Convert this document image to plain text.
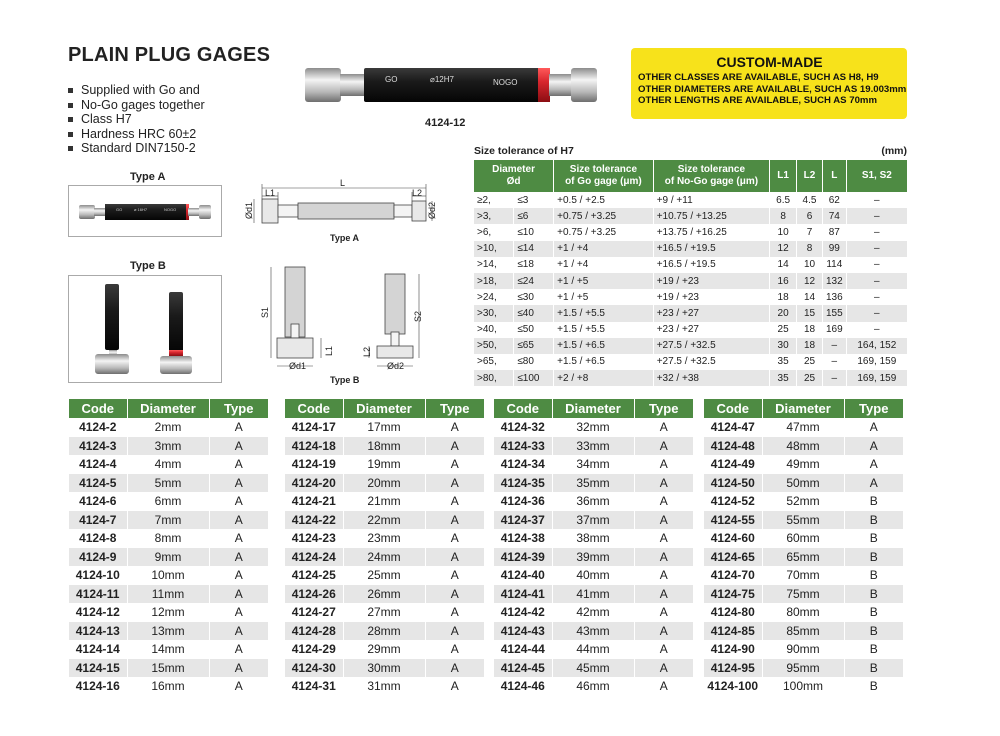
PLAIN PLUG GAGES
Supplied with Go and
No-Go gages together
Class H7
Hardness HRC 60±2
Standard DIN7150-2
GO	⌀12H7	NOGO
4124-12
CUSTOM-MADE
OTHER CLASSES ARE AVAILABLE, SUCH AS H8, H9
OTHER DIAMETERS ARE AVAILABLE, SUCH AS 19.003mm
OTHER LENGTHS ARE AVAILABLE, SUCH AS 70mm
Type A
GO	⌀ 16H7	NOGO
L
L1	L2
Ød1	Ød2
Type A
Type B
S1
L1
Ød1
S2
L2
Ød2
Type B
Size tolerance of H7	(mm)
Diameter
Ød		Size tolerance
of Go gage (μm)	Size tolerance
of No-Go gage (μm)	L1	L2	L	S1, S2
≥2,	≤3	+0.5 / +2.5	+9 / +11	6.5	4.5	62	–
>3,	≤6	+0.75 / +3.25	+10.75 / +13.25	8	6	74	–
>6,	≤10	+0.75 / +3.25	+13.75 / +16.25	10	7	87	–
>10,	≤14	+1 / +4	+16.5 / +19.5	12	8	99	–
>14,	≤18	+1 / +4	+16.5 / +19.5	14	10	114	–
>18,	≤24	+1 / +5	+19 / +23	16	12	132	–
>24,	≤30	+1 / +5	+19 / +23	18	14	136	–
>30,	≤40	+1.5 / +5.5	+23 / +27	20	15	155	–
>40,	≤50	+1.5 / +5.5	+23 / +27	25	18	169	–
>50,	≤65	+1.5 / +6.5	+27.5 / +32.5	30	18	–	164, 152
>65,	≤80	+1.5 / +6.5	+27.5 / +32.5	35	25	–	169, 159
>80,	≤100	+2 / +8	+32 / +38	35	25	–	169, 159
Code	Diameter	Type
4124-2	2mm	A
4124-3	3mm	A
4124-4	4mm	A
4124-5	5mm	A
4124-6	6mm	A
4124-7	7mm	A
4124-8	8mm	A
4124-9	9mm	A
4124-10	10mm	A
4124-11	11mm	A
4124-12	12mm	A
4124-13	13mm	A
4124-14	14mm	A
4124-15	15mm	A
4124-16	16mm	A
Code	Diameter	Type
4124-17	17mm	A
4124-18	18mm	A
4124-19	19mm	A
4124-20	20mm	A
4124-21	21mm	A
4124-22	22mm	A
4124-23	23mm	A
4124-24	24mm	A
4124-25	25mm	A
4124-26	26mm	A
4124-27	27mm	A
4124-28	28mm	A
4124-29	29mm	A
4124-30	30mm	A
4124-31	31mm	A
Code	Diameter	Type
4124-32	32mm	A
4124-33	33mm	A
4124-34	34mm	A
4124-35	35mm	A
4124-36	36mm	A
4124-37	37mm	A
4124-38	38mm	A
4124-39	39mm	A
4124-40	40mm	A
4124-41	41mm	A
4124-42	42mm	A
4124-43	43mm	A
4124-44	44mm	A
4124-45	45mm	A
4124-46	46mm	A
Code	Diameter	Type
4124-47	47mm	A
4124-48	48mm	A
4124-49	49mm	A
4124-50	50mm	A
4124-52	52mm	B
4124-55	55mm	B
4124-60	60mm	B
4124-65	65mm	B
4124-70	70mm	B
4124-75	75mm	B
4124-80	80mm	B
4124-85	85mm	B
4124-90	90mm	B
4124-95	95mm	B
4124-100	100mm	B
